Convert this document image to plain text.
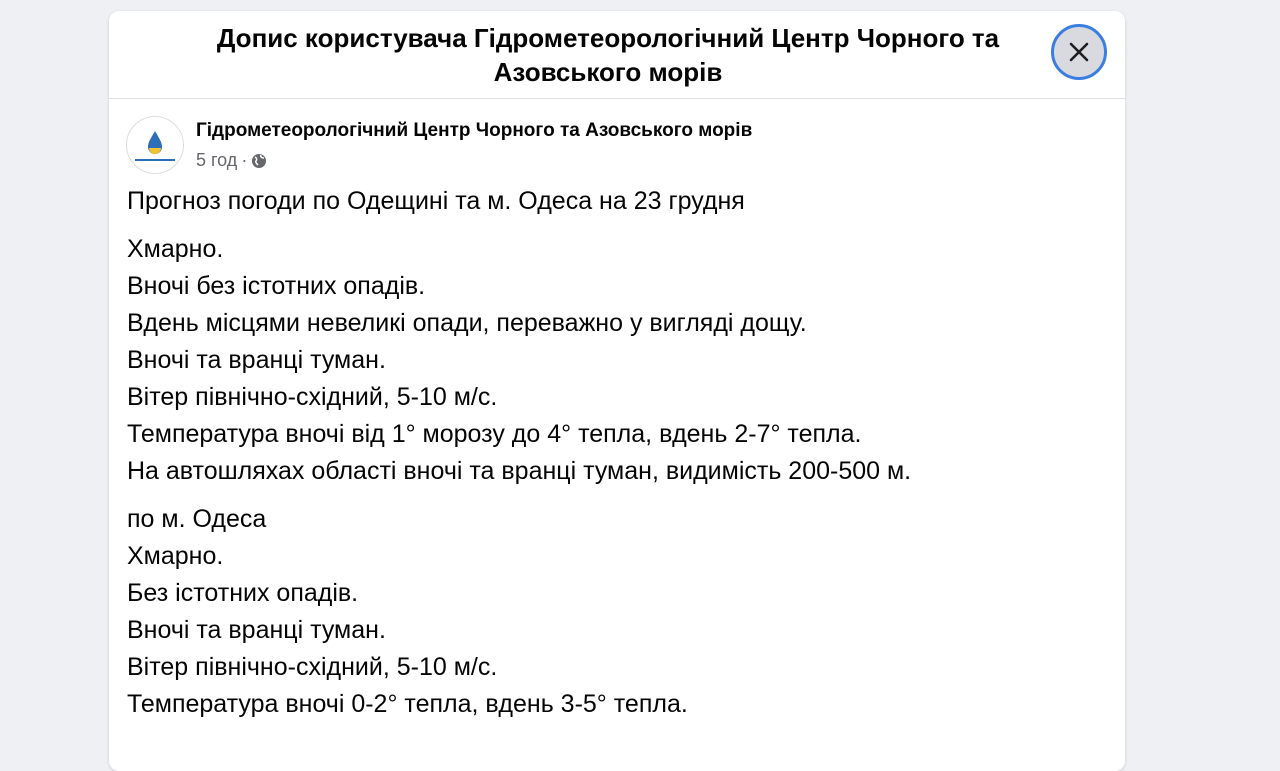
Допис користувача Гідрометеорологічний Центр Чорного та Азовського морів
Гідрометеорологічний Центр Чорного та Азовського морів
5 год ·

Прогноз погоди по Одещині та м. Одеса на 23 грудня

Хмарно.
Вночі без істотних опадів.
Вдень місцями невеликі опади, переважно у вигляді дощу.
Вночі та вранці туман.
Вітер північно-східний, 5-10 м/с.
Температура вночі від 1° морозу до 4° тепла, вдень 2-7° тепла.
На автошляхах області вночі та вранці туман, видимість 200-500 м.

по м. Одеса
Хмарно.
Без істотних опадів.
Вночі та вранці туман.
Вітер північно-східний, 5-10 м/с.
Температура вночі 0-2° тепла, вдень 3-5° тепла.
